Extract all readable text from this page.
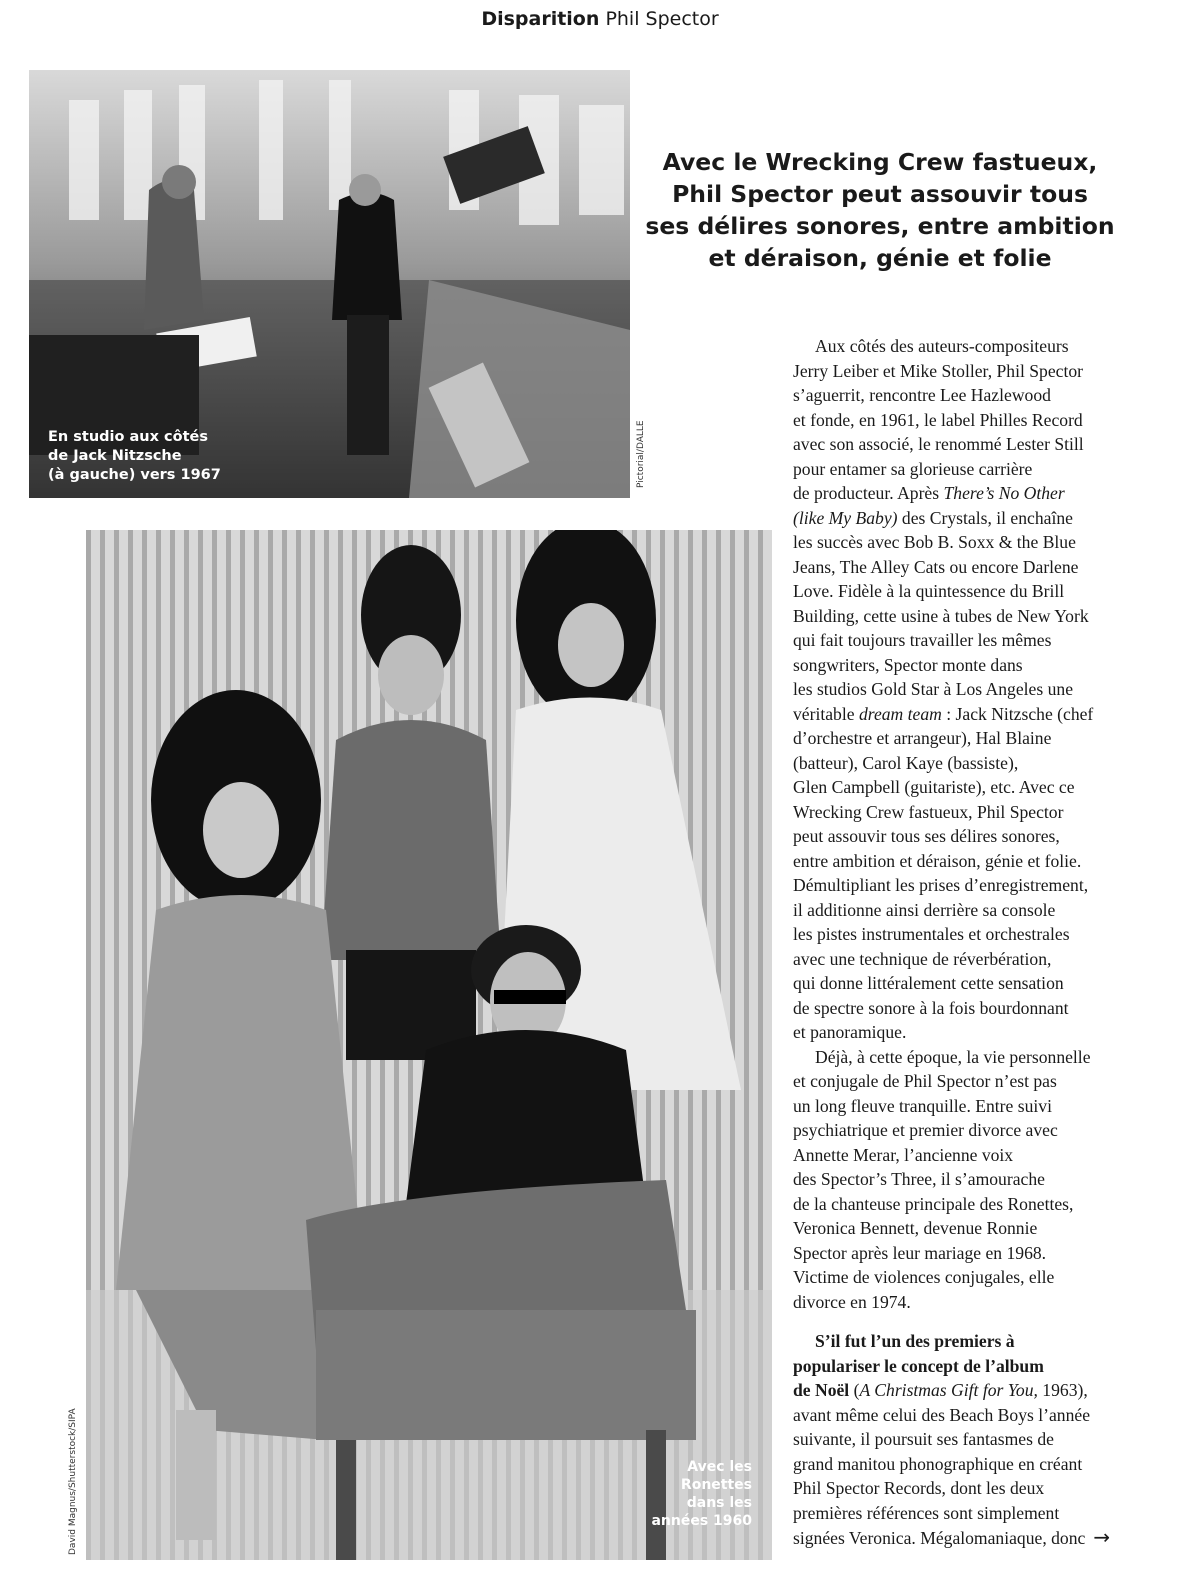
Disparition Phil Spector
En studio aux côtés
de Jack Nitzsche
(à gauche) vers 1967	Pictorial/DALLE
David Magnus/Shutterstock/SIPA	Avec les
Ronettes
dans les
années 1960
Avec le Wrecking Crew fastueux,
Phil Spector peut assouvir tous
ses délires sonores, entre ambition
et déraison, génie et folie
Aux côtés des auteurs-compositeurs
Jerry Leiber et Mike Stoller, Phil Spector
s’aguerrit, rencontre Lee Hazlewood
et fonde, en 1961, le label Philles Record
avec son associé, le renommé Lester Still
pour entamer sa glorieuse carrière
de producteur. Après There’s No Other
(like My Baby) des Crystals, il enchaîne
les succès avec Bob B. Soxx & the Blue
Jeans, The Alley Cats ou encore Darlene
Love. Fidèle à la quintessence du Brill
Building, cette usine à tubes de New York
qui fait toujours travailler les mêmes
songwriters, Spector monte dans
les studios Gold Star à Los Angeles une
véritable dream team : Jack Nitzsche (chef
d’orchestre et arrangeur), Hal Blaine
(batteur), Carol Kaye (bassiste),
Glen Campbell (guitariste), etc. Avec ce
Wrecking Crew fastueux, Phil Spector
peut assouvir tous ses délires sonores,
entre ambition et déraison, génie et folie.
Démultipliant les prises d’enregistrement,
il additionne ainsi derrière sa console
les pistes instrumentales et orchestrales
avec une technique de réverbération,
qui donne littéralement cette sensation
de spectre sonore à la fois bourdonnant
et panoramique.
Déjà, à cette époque, la vie personnelle
et conjugale de Phil Spector n’est pas
un long fleuve tranquille. Entre suivi
psychiatrique et premier divorce avec
Annette Merar, l’ancienne voix
des Spector’s Three, il s’amourache
de la chanteuse principale des Ronettes,
Veronica Bennett, devenue Ronnie
Spector après leur mariage en 1968.
Victime de violences conjugales, elle
divorce en 1974.
S’il fut l’un des premiers à
populariser le concept de l’album
de Noël (A Christmas Gift for You, 1963),
avant même celui des Beach Boys l’année
suivante, il poursuit ses fantasmes de
grand manitou phonographique en créant
Phil Spector Records, dont les deux
premières références sont simplement
signées Veronica. Mégalomaniaque, donc →
